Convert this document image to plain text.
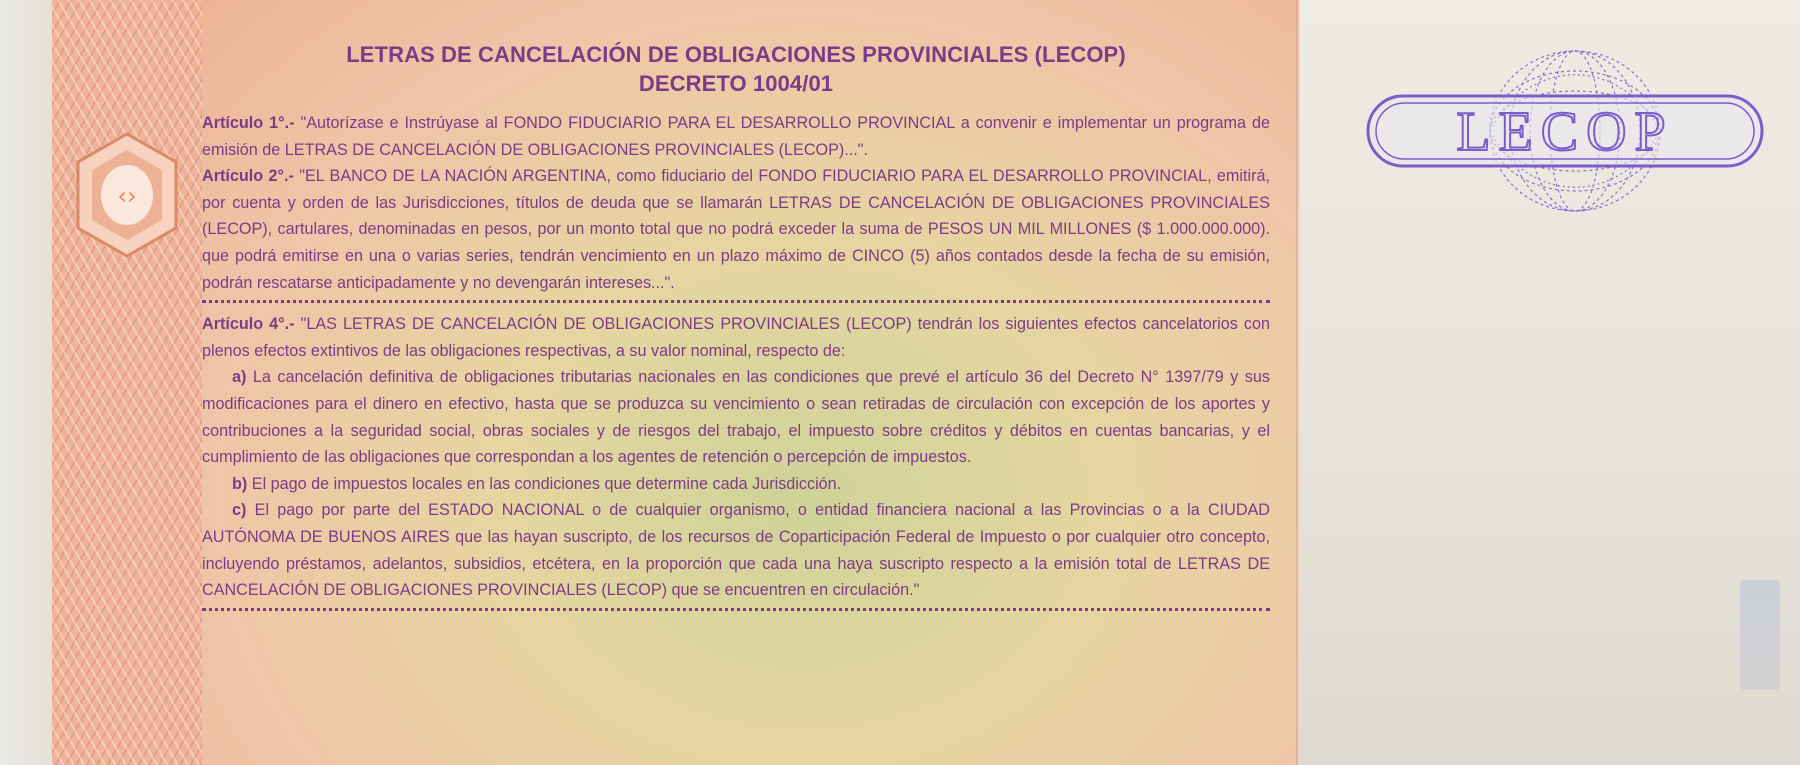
‹›
LECOP

LETRAS DE CANCELACIÓN DE OBLIGACIONES PROVINCIALES (LECOP)

DECRETO 1004/01

Artículo 1°.- "Autorízase e Instrúyase al FONDO FIDUCIARIO PARA EL DESARROLLO PROVINCIAL a convenir e implementar un programa de emisión de LETRAS DE CANCELACIÓN DE OBLIGACIONES PROVINCIALES (LECOP)...".

Artículo 2°.- "EL BANCO DE LA NACIÓN ARGENTINA, como fiduciario del FONDO FIDUCIARIO PARA EL DESARROLLO PROVINCIAL, emitirá, por cuenta y orden de las Jurisdicciones, títulos de deuda que se llamarán LETRAS DE CANCELACIÓN DE OBLIGACIONES PROVINCIALES (LECOP), cartulares, denominadas en pesos, por un monto total que no podrá exceder la suma de PESOS UN MIL MILLONES ($ 1.000.000.000). que podrá emitirse en una o varias series, tendrán vencimiento en un plazo máximo de CINCO (5) años contados desde la fecha de su emisión, podrán rescatarse anticipadamente y no devengarán intereses...".

Artículo 4°.- "LAS LETRAS DE CANCELACIÓN DE OBLIGACIONES PROVINCIALES (LECOP) tendrán los siguientes efectos cancelatorios con plenos efectos extintivos de las obligaciones respectivas, a su valor nominal, respecto de:

a) La cancelación definitiva de obligaciones tributarias nacionales en las condiciones que prevé el artículo 36 del Decreto N° 1397/79 y sus modificaciones para el dinero en efectivo, hasta que se produzca su vencimiento o sean retiradas de circulación con excepción de los aportes y contribuciones a la seguridad social, obras sociales y de riesgos del trabajo, el impuesto sobre créditos y débitos en cuentas bancarias, y el cumplimiento de las obligaciones que correspondan a los agentes de retención o percepción de impuestos.

b) El pago de impuestos locales en las condiciones que determine cada Jurisdicción.

c) El pago por parte del ESTADO NACIONAL o de cualquier organismo, o entidad financiera nacional a las Provincias o a la CIUDAD AUTÓNOMA DE BUENOS AIRES que las hayan suscripto, de los recursos de Coparticipación Federal de Impuesto o por cualquier otro concepto, incluyendo préstamos, adelantos, subsidios, etcétera, en la proporción que cada una haya suscripto respecto a la emisión total de LETRAS DE CANCELACIÓN DE OBLIGACIONES PROVINCIALES (LECOP) que se encuentren en circulación."
